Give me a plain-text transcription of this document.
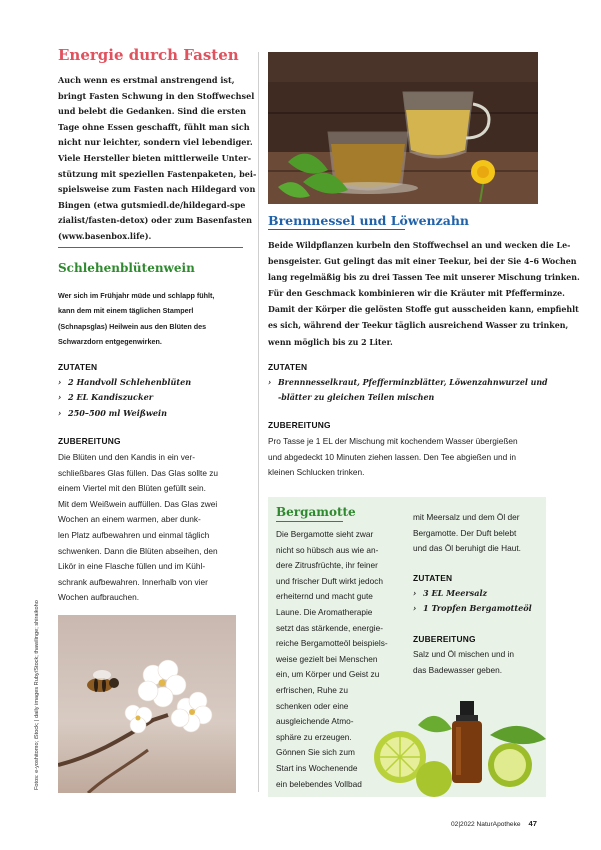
Energie durch Fasten
Auch wenn es erstmal anstrengend ist,
bringt Fasten Schwung in den Stoffwechsel
und belebt die Gedanken. Sind die ersten
Tage ohne Essen geschafft, fühlt man sich
nicht nur leichter, sondern viel lebendiger.
Viele Hersteller bieten mittlerweile Unter-
stützung mit speziellen Fastenpaketen, bei-
spielsweise zum Fasten nach Hildegard von
Bingen (etwa gutsmiedl.de/hildegard-spe
zialist/fasten-detox) oder zum Basenfasten
(www.basenbox.life).
Schlehenblütenwein
Wer sich im Frühjahr müde und schlapp fühlt,
kann dem mit einem täglichen Stamperl
(Schnapsglas) Heilwein aus den Blüten des
Schwarzdorn entgegenwirken.
ZUTATEN
› 2 Handvoll Schlehenblüten
› 2 EL Kandiszucker
› 250–500 ml Weißwein
ZUBEREITUNG
Die Blüten und den Kandis in ein ver-
schließbares Glas füllen. Das Glas sollte zu
einem Viertel mit den Blüten gefüllt sein.
Mit dem Weißwein auffüllen. Das Glas zwei
Wochen an einem warmen, aber dunk-
len Platz aufbewahren und einmal täglich
schwenken. Dann die Blüten abseihen, den
Likör in eine Flasche füllen und im Kühl-
schrank aufbewahren. Innerhalb von vier
Wochen aufbrauchen.
Fotos: e-yoshitomo; iStock; | daily images Ruby/Stock; thawilinge; shiraikoho
Brennnessel und Löwenzahn
Beide Wildpflanzen kurbeln den Stoffwechsel an und wecken die Le-
bensgeister. Gut gelingt das mit einer Teekur, bei der Sie 4–6 Wochen
lang regelmäßig bis zu drei Tassen Tee mit unserer Mischung trinken.
Für den Geschmack kombinieren wir die Kräuter mit Pfefferminze.
Damit der Körper die gelösten Stoffe gut ausscheiden kann, empfiehlt
es sich, während der Teekur täglich ausreichend Wasser zu trinken,
wenn möglich bis zu 2 Liter.
ZUTATEN
› Brennnesselkraut, Pfefferminzblätter, Löwenzahnwurzel und
-blätter zu gleichen Teilen mischen
ZUBEREITUNG
Pro Tasse je 1 EL der Mischung mit kochendem Wasser übergießen
und abgedeckt 10 Minuten ziehen lassen. Den Tee abgießen und in
kleinen Schlucken trinken.
Bergamotte
Die Bergamotte sieht zwar
nicht so hübsch aus wie an-
dere Zitrusfrüchte, ihr feiner
und frischer Duft wirkt jedoch
erheiternd und macht gute
Laune. Die Aromatherapie
setzt das stärkende, energie-
reiche Bergamotteöl beispiels-
weise gezielt bei Menschen
ein, um Körper und Geist zu
erfrischen, Ruhe zu
schenken oder eine
ausgleichende Atmo-
sphäre zu erzeugen.
Gönnen Sie sich zum
Start ins Wochenende
ein belebendes Vollbad
mit Meersalz und dem Öl der
Bergamotte. Der Duft belebt
und das Öl beruhigt die Haut.
ZUTATEN
› 3 EL Meersalz
› 1 Tropfen Bergamotteöl
ZUBEREITUNG
Salz und Öl mischen und in
das Badewasser geben.
02|2022 NaturApotheke 47
